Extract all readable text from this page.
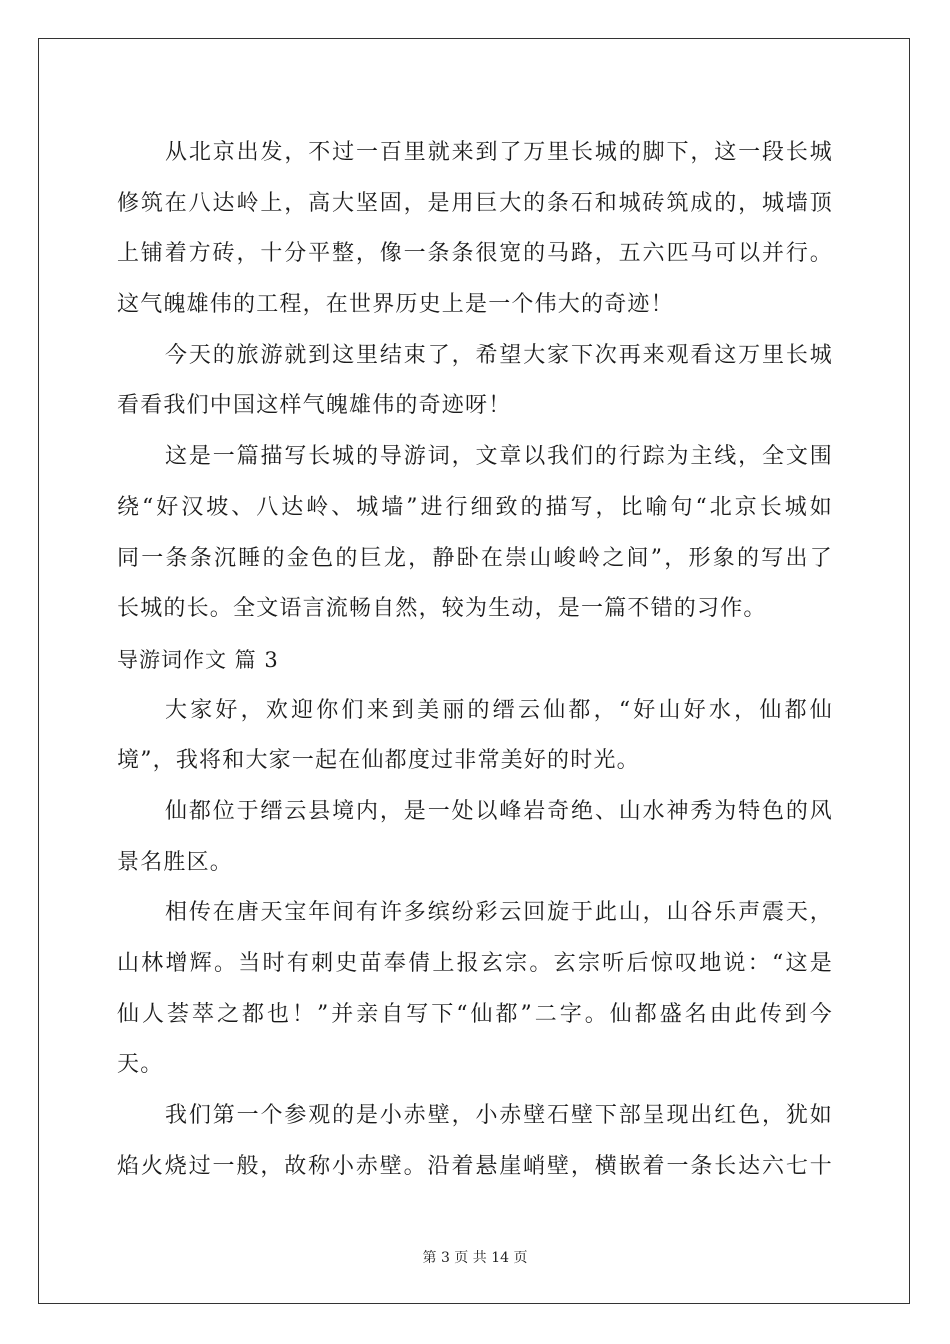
从北京出发，不过一百里就来到了万里长城的脚下，这一段长城
修筑在八达岭上，高大坚固，是用巨大的条石和城砖筑成的，城墙顶
上铺着方砖，十分平整，像一条条很宽的马路，五六匹马可以并行。
这气魄雄伟的工程，在世界历史上是一个伟大的奇迹！
今天的旅游就到这里结束了，希望大家下次再来观看这万里长城
看看我们中国这样气魄雄伟的奇迹呀！
这是一篇描写长城的导游词，文章以我们的行踪为主线，全文围
绕“好汉坡、八达岭、城墙”进行细致的描写，比喻句“北京长城如
同一条条沉睡的金色的巨龙，静卧在崇山峻岭之间”，形象的写出了
长城的长。全文语言流畅自然，较为生动，是一篇不错的习作。
导游词作文 篇 3
大家好，欢迎你们来到美丽的缙云仙都，“好山好水，仙都仙
境”，我将和大家一起在仙都度过非常美好的时光。
仙都位于缙云县境内，是一处以峰岩奇绝、山水神秀为特色的风
景名胜区。
相传在唐天宝年间有许多缤纷彩云回旋于此山，山谷乐声震天，
山林增辉。当时有刺史苗奉倩上报玄宗。玄宗听后惊叹地说：“这是
仙人荟萃之都也！”并亲自写下“仙都”二字。仙都盛名由此传到今
天。
我们第一个参观的是小赤壁，小赤壁石壁下部呈现出红色，犹如
焰火烧过一般，故称小赤壁。沿着悬崖峭壁，横嵌着一条长达六七十
第 3 页 共 14 页
